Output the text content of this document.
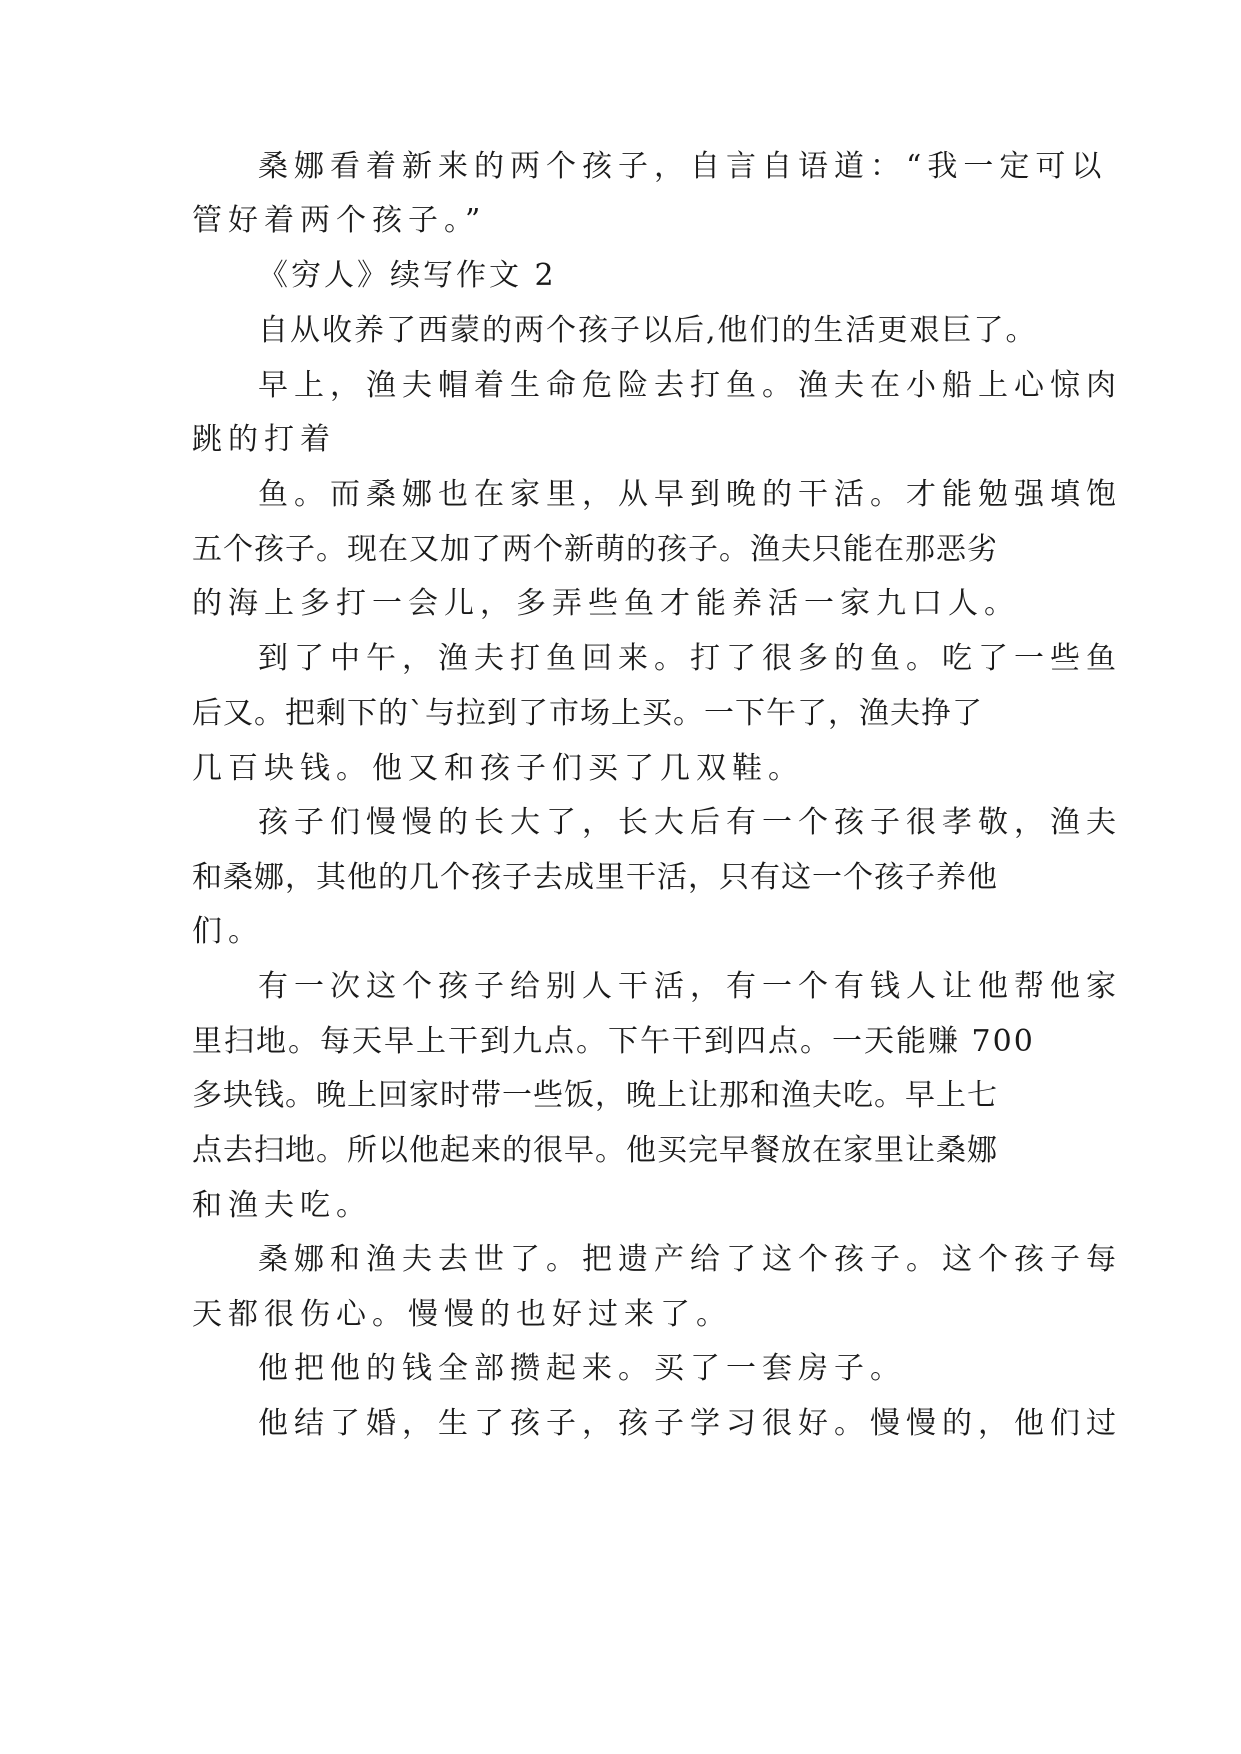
桑娜看着新来的两个孩子，自言自语道：“我一定可以
管好着两个孩子。”
《穷人》续写作文 2
自从收养了西蒙的两个孩子以后,他们的生活更艰巨了。
早上，渔夫帽着生命危险去打鱼。渔夫在小船上心惊肉
跳的打着
鱼。而桑娜也在家里，从早到晚的干活。才能勉强填饱
五个孩子。现在又加了两个新萌的孩子。渔夫只能在那恶劣
的海上多打一会儿，多弄些鱼才能养活一家九口人。
到了中午，渔夫打鱼回来。打了很多的鱼。吃了一些鱼
后又。把剩下的`与拉到了市场上买。一下午了，渔夫挣了
几百块钱。他又和孩子们买了几双鞋。
孩子们慢慢的长大了，长大后有一个孩子很孝敬，渔夫
和桑娜，其他的几个孩子去成里干活，只有这一个孩子养他
们。
有一次这个孩子给别人干活，有一个有钱人让他帮他家
里扫地。每天早上干到九点。下午干到四点。一天能赚 700
多块钱。晚上回家时带一些饭，晚上让那和渔夫吃。早上七
点去扫地。所以他起来的很早。他买完早餐放在家里让桑娜
和渔夫吃。
桑娜和渔夫去世了。把遗产给了这个孩子。这个孩子每
天都很伤心。慢慢的也好过来了。
他把他的钱全部攒起来。买了一套房子。
他结了婚，生了孩子，孩子学习很好。慢慢的，他们过
